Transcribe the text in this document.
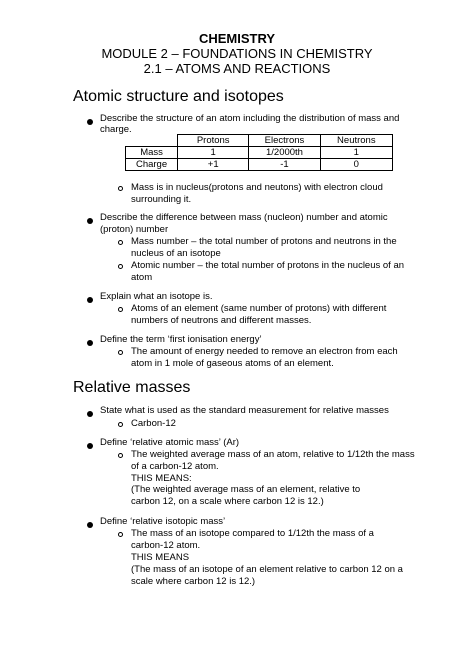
CHEMISTRY
MODULE 2 – FOUNDATIONS IN CHEMISTRY
2.1 – ATOMS AND REACTIONS
Atomic structure and isotopes
Describe the structure of an atom including the distribution of mass and
charge.
	Protons	Electrons	Neutrons
Mass	1	1/2000th	1
Charge	+1	-1	0
Mass is in nucleus(protons and neutons) with electron cloud
surrounding it.
Describe the difference between mass (nucleon) number and atomic
(proton) number
Mass number – the total number of protons and neutrons in the
nucleus of an isotope
Atomic number – the total number of protons in the nucleus of an
atom
Explain what an isotope is.
Atoms of an element (same number of protons) with different
numbers of neutrons and different masses.
Define the term ‘first ionisation energy’
The amount of energy needed to remove an electron from each
atom in 1 mole of gaseous atoms of an element.
Relative masses
State what is used as the standard measurement for relative masses
Carbon-12
Define ‘relative atomic mass’ (Ar)
The weighted average mass of an atom, relative to 1/12th the mass
of a carbon-12 atom.
THIS MEANS:
(The weighted average mass of an element, relative to
carbon 12, on a scale where carbon 12 is 12.)
Define ‘relative isotopic mass’
The mass of an isotope compared to 1/12th the mass of a
carbon-12 atom.
THIS MEANS
(The mass of an isotope of an element relative to carbon 12 on a
scale where carbon 12 is 12.)
